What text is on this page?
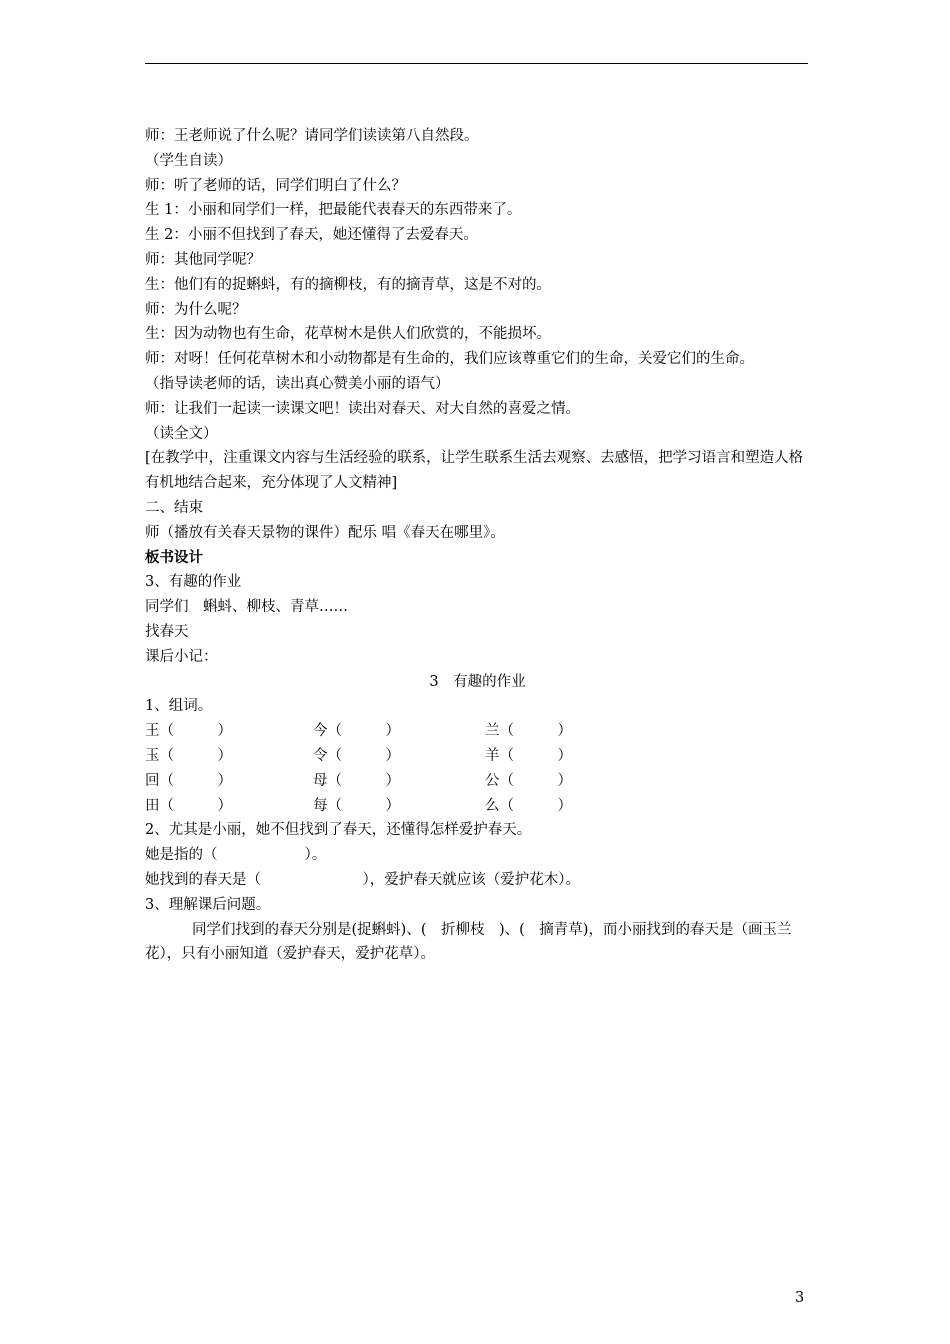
师：王老师说了什么呢？请同学们读读第八自然段。

（学生自读）

师：听了老师的话，同学们明白了什么？

生 1：小丽和同学们一样，把最能代表春天的东西带来了。

生 2：小丽不但找到了春天，她还懂得了去爱春天。

师：其他同学呢？

生：他们有的捉蝌蚪，有的摘柳枝，有的摘青草，这是不对的。

师：为什么呢？

生：因为动物也有生命，花草树木是供人们欣赏的，不能损坏。

师：对呀！任何花草树木和小动物都是有生命的，我们应该尊重它们的生命，关爱它们的生命。

（指导读老师的话，读出真心赞美小丽的语气）

师：让我们一起读一读课文吧！读出对春天、对大自然的喜爱之情。

（读全文）

[在教学中，注重课文内容与生活经验的联系，让学生联系生活去观察、去感悟，把学习语言和塑造人格有机地结合起来，充分体现了人文精神]

二、结束

师（播放有关春天景物的课件）配乐 唱《春天在哪里》。

板书设计

3、有趣的作业

同学们　蝌蚪、柳枝、青草……

找春天

课后小记：

3　有趣的作业

1、组词。

王（　　　）	今（　　　）	兰（　　　）
玉（　　　）	令（　　　）	羊（　　　）
回（　　　）	母（　　　）	公（　　　）
田（　　　）	每（　　　）	么（　　　）

2、尤其是小丽，她不但找到了春天，还懂得怎样爱护春天。

她是指的（　　　　　　）。

她找到的春天是（　　　　　　　），爱护春天就应该（爱护花木）。

3、理解课后问题。

同学们找到的春天分别是(捉蝌蚪)、(　折柳枝　)、(　摘青草)，而小丽找到的春天是（画玉兰花），只有小丽知道（爱护春天，爱护花草）。

3
